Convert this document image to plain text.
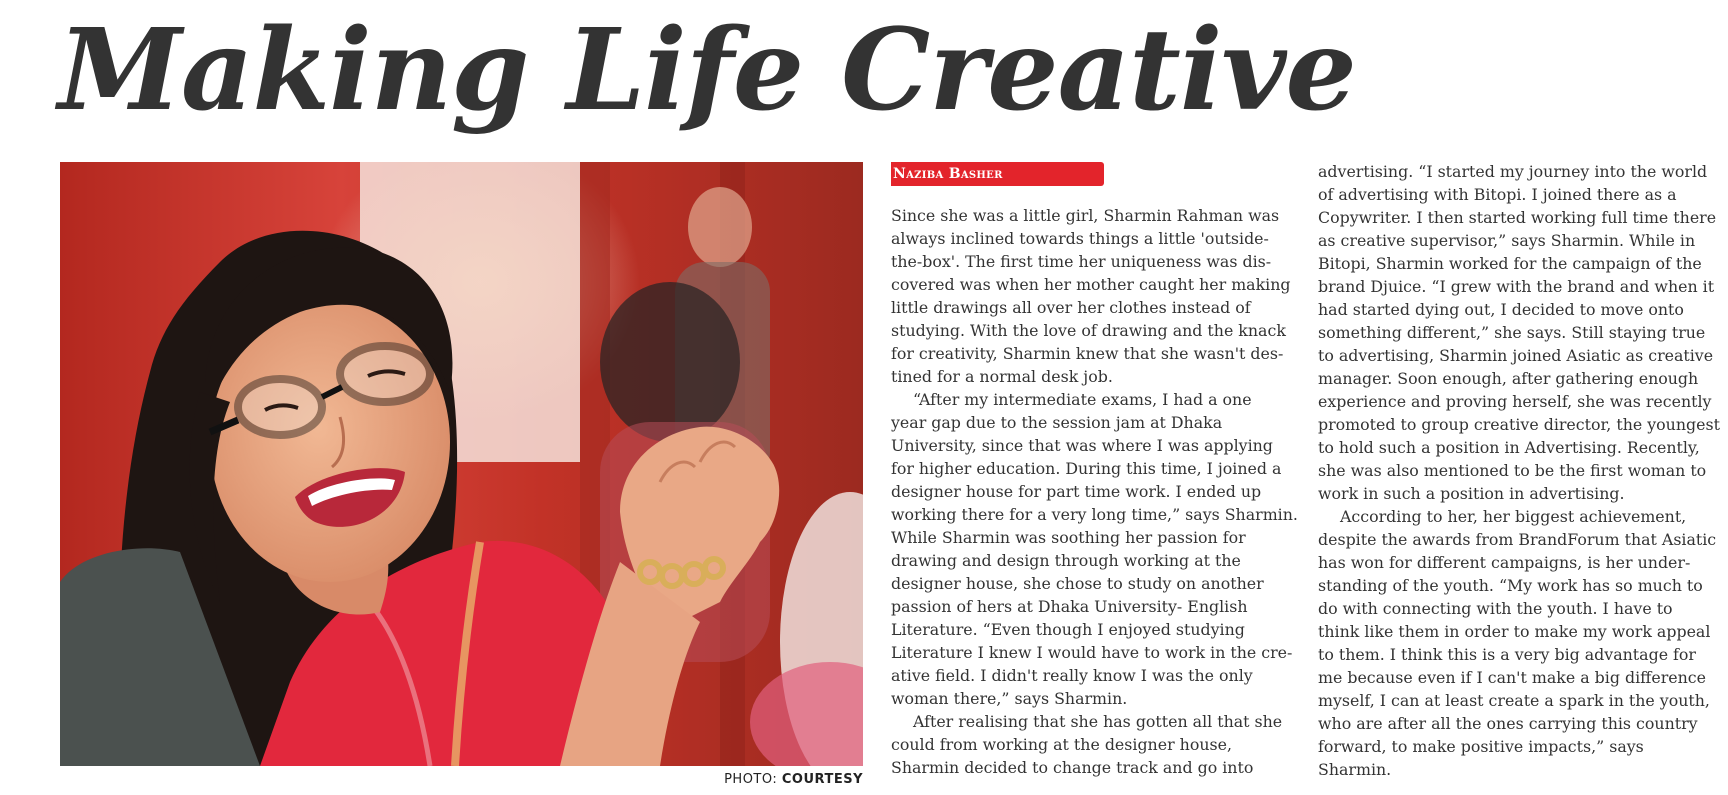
Making Life Creative
PHOTO: COURTESY
Naziba Basher
Since she was a little girl, Sharmin Rahman was
always inclined towards things a little 'outside-
the-box'. The first time her uniqueness was dis-
covered was when her mother caught her making
little drawings all over her clothes instead of
studying. With the love of drawing and the knack
for creativity, Sharmin knew that she wasn't des-
tined for a normal desk job.
“After my intermediate exams, I had a one
year gap due to the session jam at Dhaka
University, since that was where I was applying
for higher education. During this time, I joined a
designer house for part time work. I ended up
working there for a very long time,” says Sharmin.
While Sharmin was soothing her passion for
drawing and design through working at the
designer house, she chose to study on another
passion of hers at Dhaka University- English
Literature. “Even though I enjoyed studying
Literature I knew I would have to work in the cre-
ative field. I didn't really know I was the only
woman there,” says Sharmin.
After realising that she has gotten all that she
could from working at the designer house,
Sharmin decided to change track and go into
advertising. “I started my journey into the world
of advertising with Bitopi. I joined there as a
Copywriter. I then started working full time there
as creative supervisor,” says Sharmin. While in
Bitopi, Sharmin worked for the campaign of the
brand Djuice. “I grew with the brand and when it
had started dying out, I decided to move onto
something different,” she says. Still staying true
to advertising, Sharmin joined Asiatic as creative
manager. Soon enough, after gathering enough
experience and proving herself, she was recently
promoted to group creative director, the youngest
to hold such a position in Advertising. Recently,
she was also mentioned to be the first woman to
work in such a position in advertising.
According to her, her biggest achievement,
despite the awards from BrandForum that Asiatic
has won for different campaigns, is her under-
standing of the youth. “My work has so much to
do with connecting with the youth. I have to
think like them in order to make my work appeal
to them. I think this is a very big advantage for
me because even if I can't make a big difference
myself, I can at least create a spark in the youth,
who are after all the ones carrying this country
forward, to make positive impacts,” says
Sharmin.
